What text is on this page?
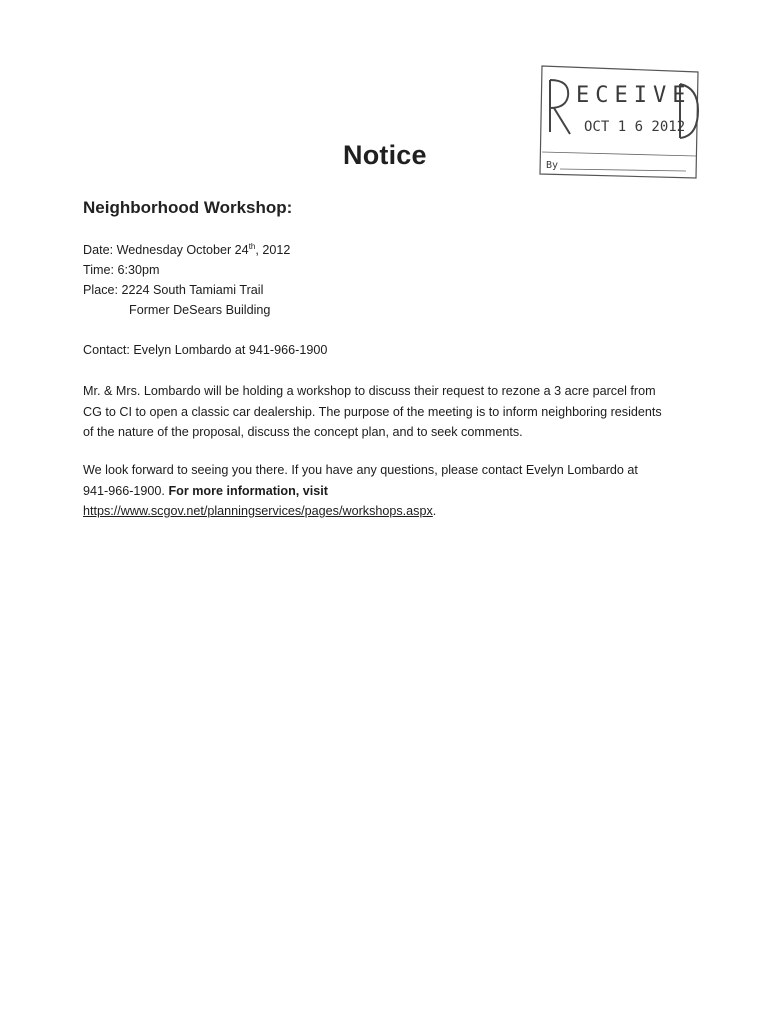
ECEIVE
OCT 1 6 2012
By
Notice
Neighborhood Workshop:
Date: Wednesday October 24th, 2012
Time: 6:30pm
Place: 2224 South Tamiami Trail
Former DeSears Building
Contact: Evelyn Lombardo at 941-966-1900
Mr. & Mrs. Lombardo will be holding a workshop to discuss their request to rezone a 3 acre parcel from
CG to CI to open a classic car dealership. The purpose of the meeting is to inform neighboring residents
of the nature of the proposal, discuss the concept plan, and to seek comments.
We look forward to seeing you there. If you have any questions, please contact Evelyn Lombardo at
941-966-1900. For more information, visit
https://www.scgov.net/planningservices/pages/workshops.aspx.
